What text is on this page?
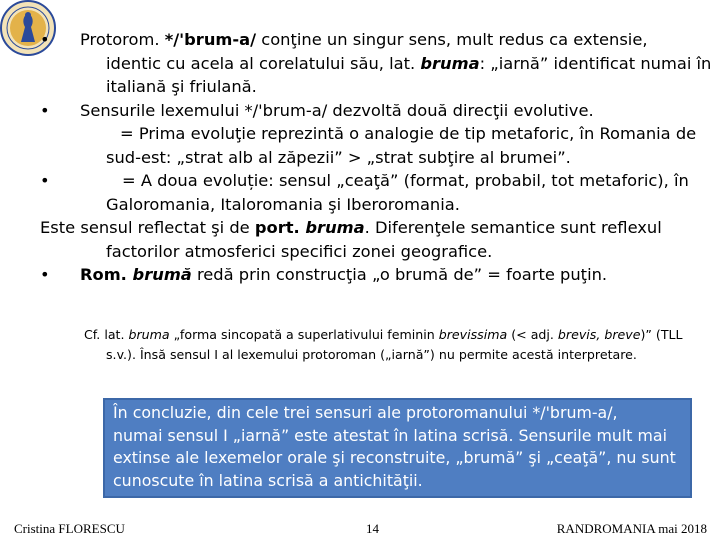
• Protorom. */'brum‑a/ conţine un singur sens, mult redus ca extensie,
identic cu acela al corelatului său, lat. bruma: „iarnă” identificat numai în
italiană şi friulană.
• Sensurile lexemului */'brum‑a/ dezvoltă două direcţii evolutive.
= Prima evoluţie reprezintă o analogie de tip metaforic, în Romania de
sud-est: „strat alb al zăpezii” > „strat subţire al brumei”.
•	= A doua evoluție: sensul „ceaţă” (format, probabil, tot metaforic), în
Galoromania, Italoromania şi Iberoromania.
Este sensul reflectat şi de port. bruma. Diferenţele semantice sunt reflexul
factorilor atmosferici specifici zonei geografice.
• Rom. brumă redă prin construcţia „o brumă de” = foarte puţin.
Cf. lat. bruma „forma sincopată a superlativului feminin brevissima (< adj. brevis, breve)” (TLL
s.v.). Însă sensul I al lexemului protoroman („iarnă”) nu permite acestă interpretare.
În concluzie, din cele trei sensuri ale protoromanului */'brum‑a/,
numai sensul I „iarnă” este atestat în latina scrisă. Sensurile mult mai
extinse ale lexemelor orale şi reconstruite, „brumă” şi „ceaţă”, nu sunt
cunoscute în latina scrisă a antichităţii.
Cristina FLORESCU	14	RANDROMANIA mai 2018
